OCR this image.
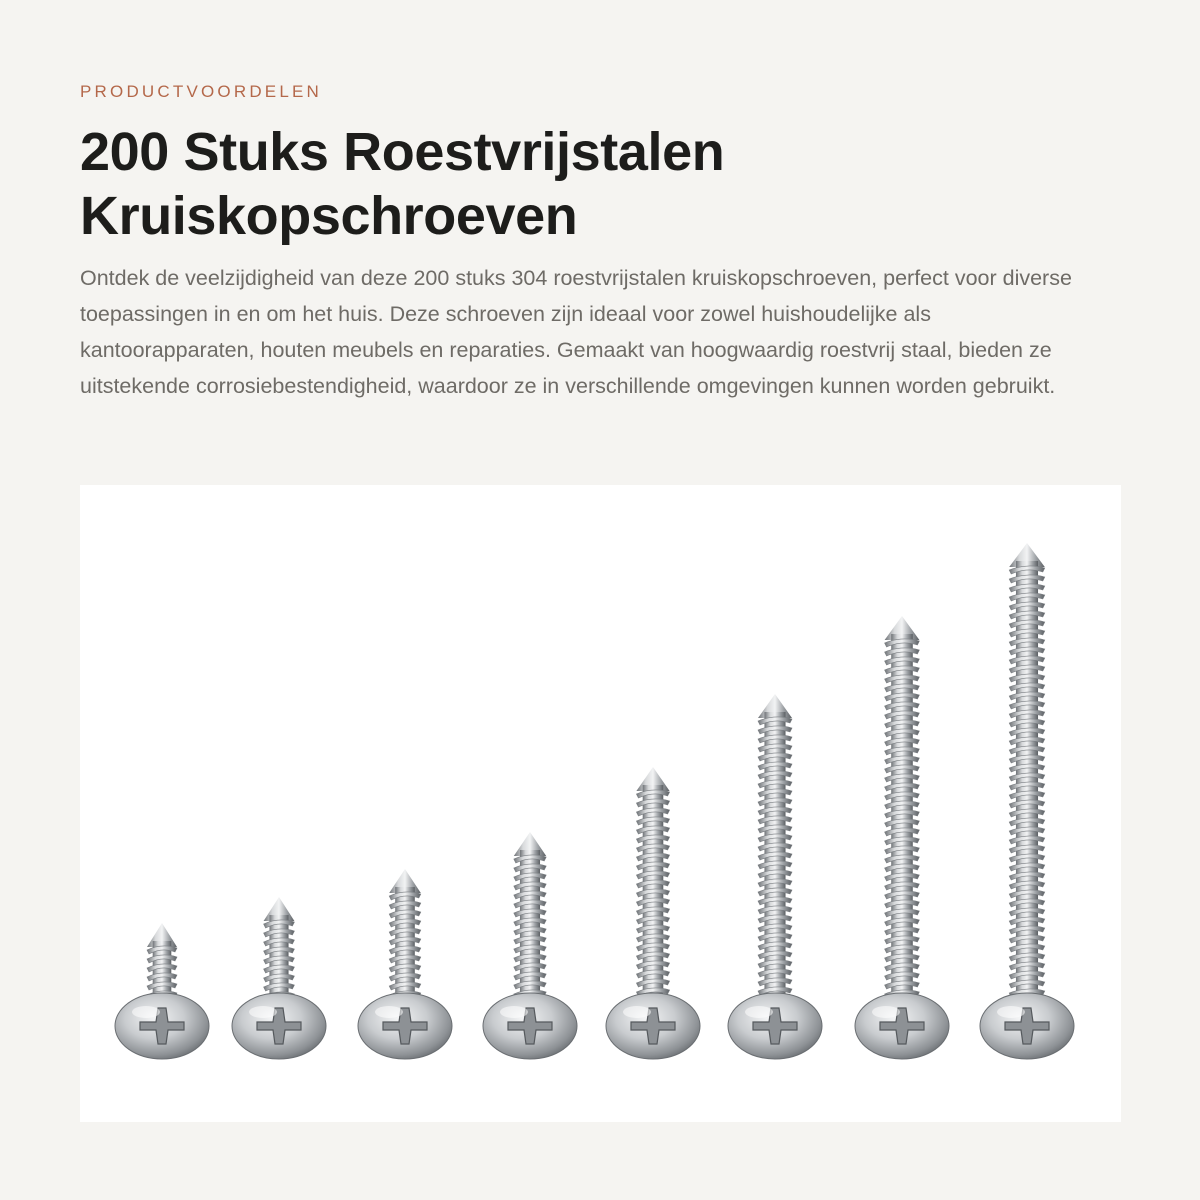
PRODUCTVOORDELEN

200 Stuks Roestvrijstalen Kruiskopschroeven

Ontdek de veelzijdigheid van deze 200 stuks 304 roestvrijstalen kruiskopschroeven, perfect voor diverse toepassingen in en om het huis. Deze schroeven zijn ideaal voor zowel huishoudelijke als kantoorapparaten, houten meubels en reparaties. Gemaakt van hoogwaardig roestvrij staal, bieden ze uitstekende corrosiebestendigheid, waardoor ze in verschillende omgevingen kunnen worden gebruikt.
